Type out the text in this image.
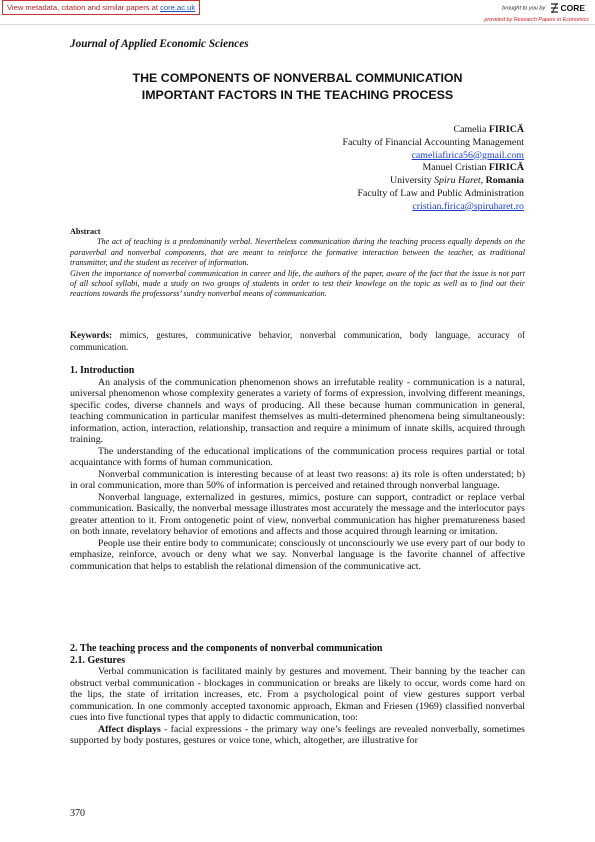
View metadata, citation and similar papers at core.ac.uk	brought to you by CORE
provided by Research Papers in Economics
Journal of Applied Economic Sciences
THE COMPONENTS OF NONVERBAL COMMUNICATION
IMPORTANT FACTORS IN THE TEACHING PROCESS
Camelia FIRICĂ
Faculty of Financial Accounting Management
cameliafirica56@gmail.com
Manuel Cristian FIRICĂ
University Spiru Haret, Romania
Faculty of Law and Public Administration
cristian.firica@spiruharet.ro
Abstract
The act of teaching is a predominantly verbal. Nevertheless communication during the teaching process equally depends on the paraverbal and nonverbal components, that are meant to reinforce the formative interaction between the teacher, as traditional transmitter, and the student as receiver of information.
Given the importance of nonverbal communication in career and life, the authors of the paper, aware of the fact that the issue is not part of all school syllabi, made a study on two groups of students in order to test their knowlege on the topic as well as to find out their reactions towards the professorss’ sundry nonverbal means of communication.
Keywords: mimics, gestures, communicative behavior, nonverbal communication, body language, accuracy of communication.
1. Introduction

An analysis of the communication phenomenon shows an irrefutable reality - communication is a natural, universal phenomenon whose complexity generates a variety of forms of expression, involving different meanings, specific codes, diverse channels and ways of producing. All these because human communication in general, teaching communication in particular manifest themselves as multi-determined phenomena being simultaneously: information, action, interaction, relationship, transaction and require a minimum of innate skills, acquired through training.

The understanding of the educational implications of the communication process requires partial or total acquaintance with forms of human communication.

Nonverbal communication is interesting because of at least two reasons: a) its role is often understated; b) in oral communication, more than 50% of information is perceived and retained through nonverbal language.

Nonverbal language, externalized in gestures, mimics, posture can support, contradict or replace verbal communication. Basically, the nonverbal message illustrates most accurately the message and the interlocutor pays greater attention to it. From ontogenetic point of view, nonverbal communication has higher prematureness based on both innate, revelatory behavior of emotions and affects and those acquired through learning or imitation.

People use their entire body to communicate; consciously ot unconsciourly we use every part of our body to emphasize, reinforce, avouch or deny what we say. Nonverbal language is the favorite channel of affective communication that helps to establish the relational dimension of the communicative act.

2. The teaching process and the components of nonverbal communication
2.1. Gestures

Verbal communication is facilitated mainly by gestures and movement. Their banning by the teacher can obstruct verbal communication - blockages in communication or breaks are likely to occur, words come hard on the lips, the state of irritation increases, etc. From a psychological point of view gestures support verbal communication. In one commonly accepted taxonomic approach, Ekman and Friesen (1969) classified nonverbal cues into five functional types that apply to didactic communication, too:

Affect displays - facial expressions - the primary way one’s feelings are revealed nonverbally, sometimes supported by body postures, gestures or voice tone, which, altogether, are illustrative for

370
